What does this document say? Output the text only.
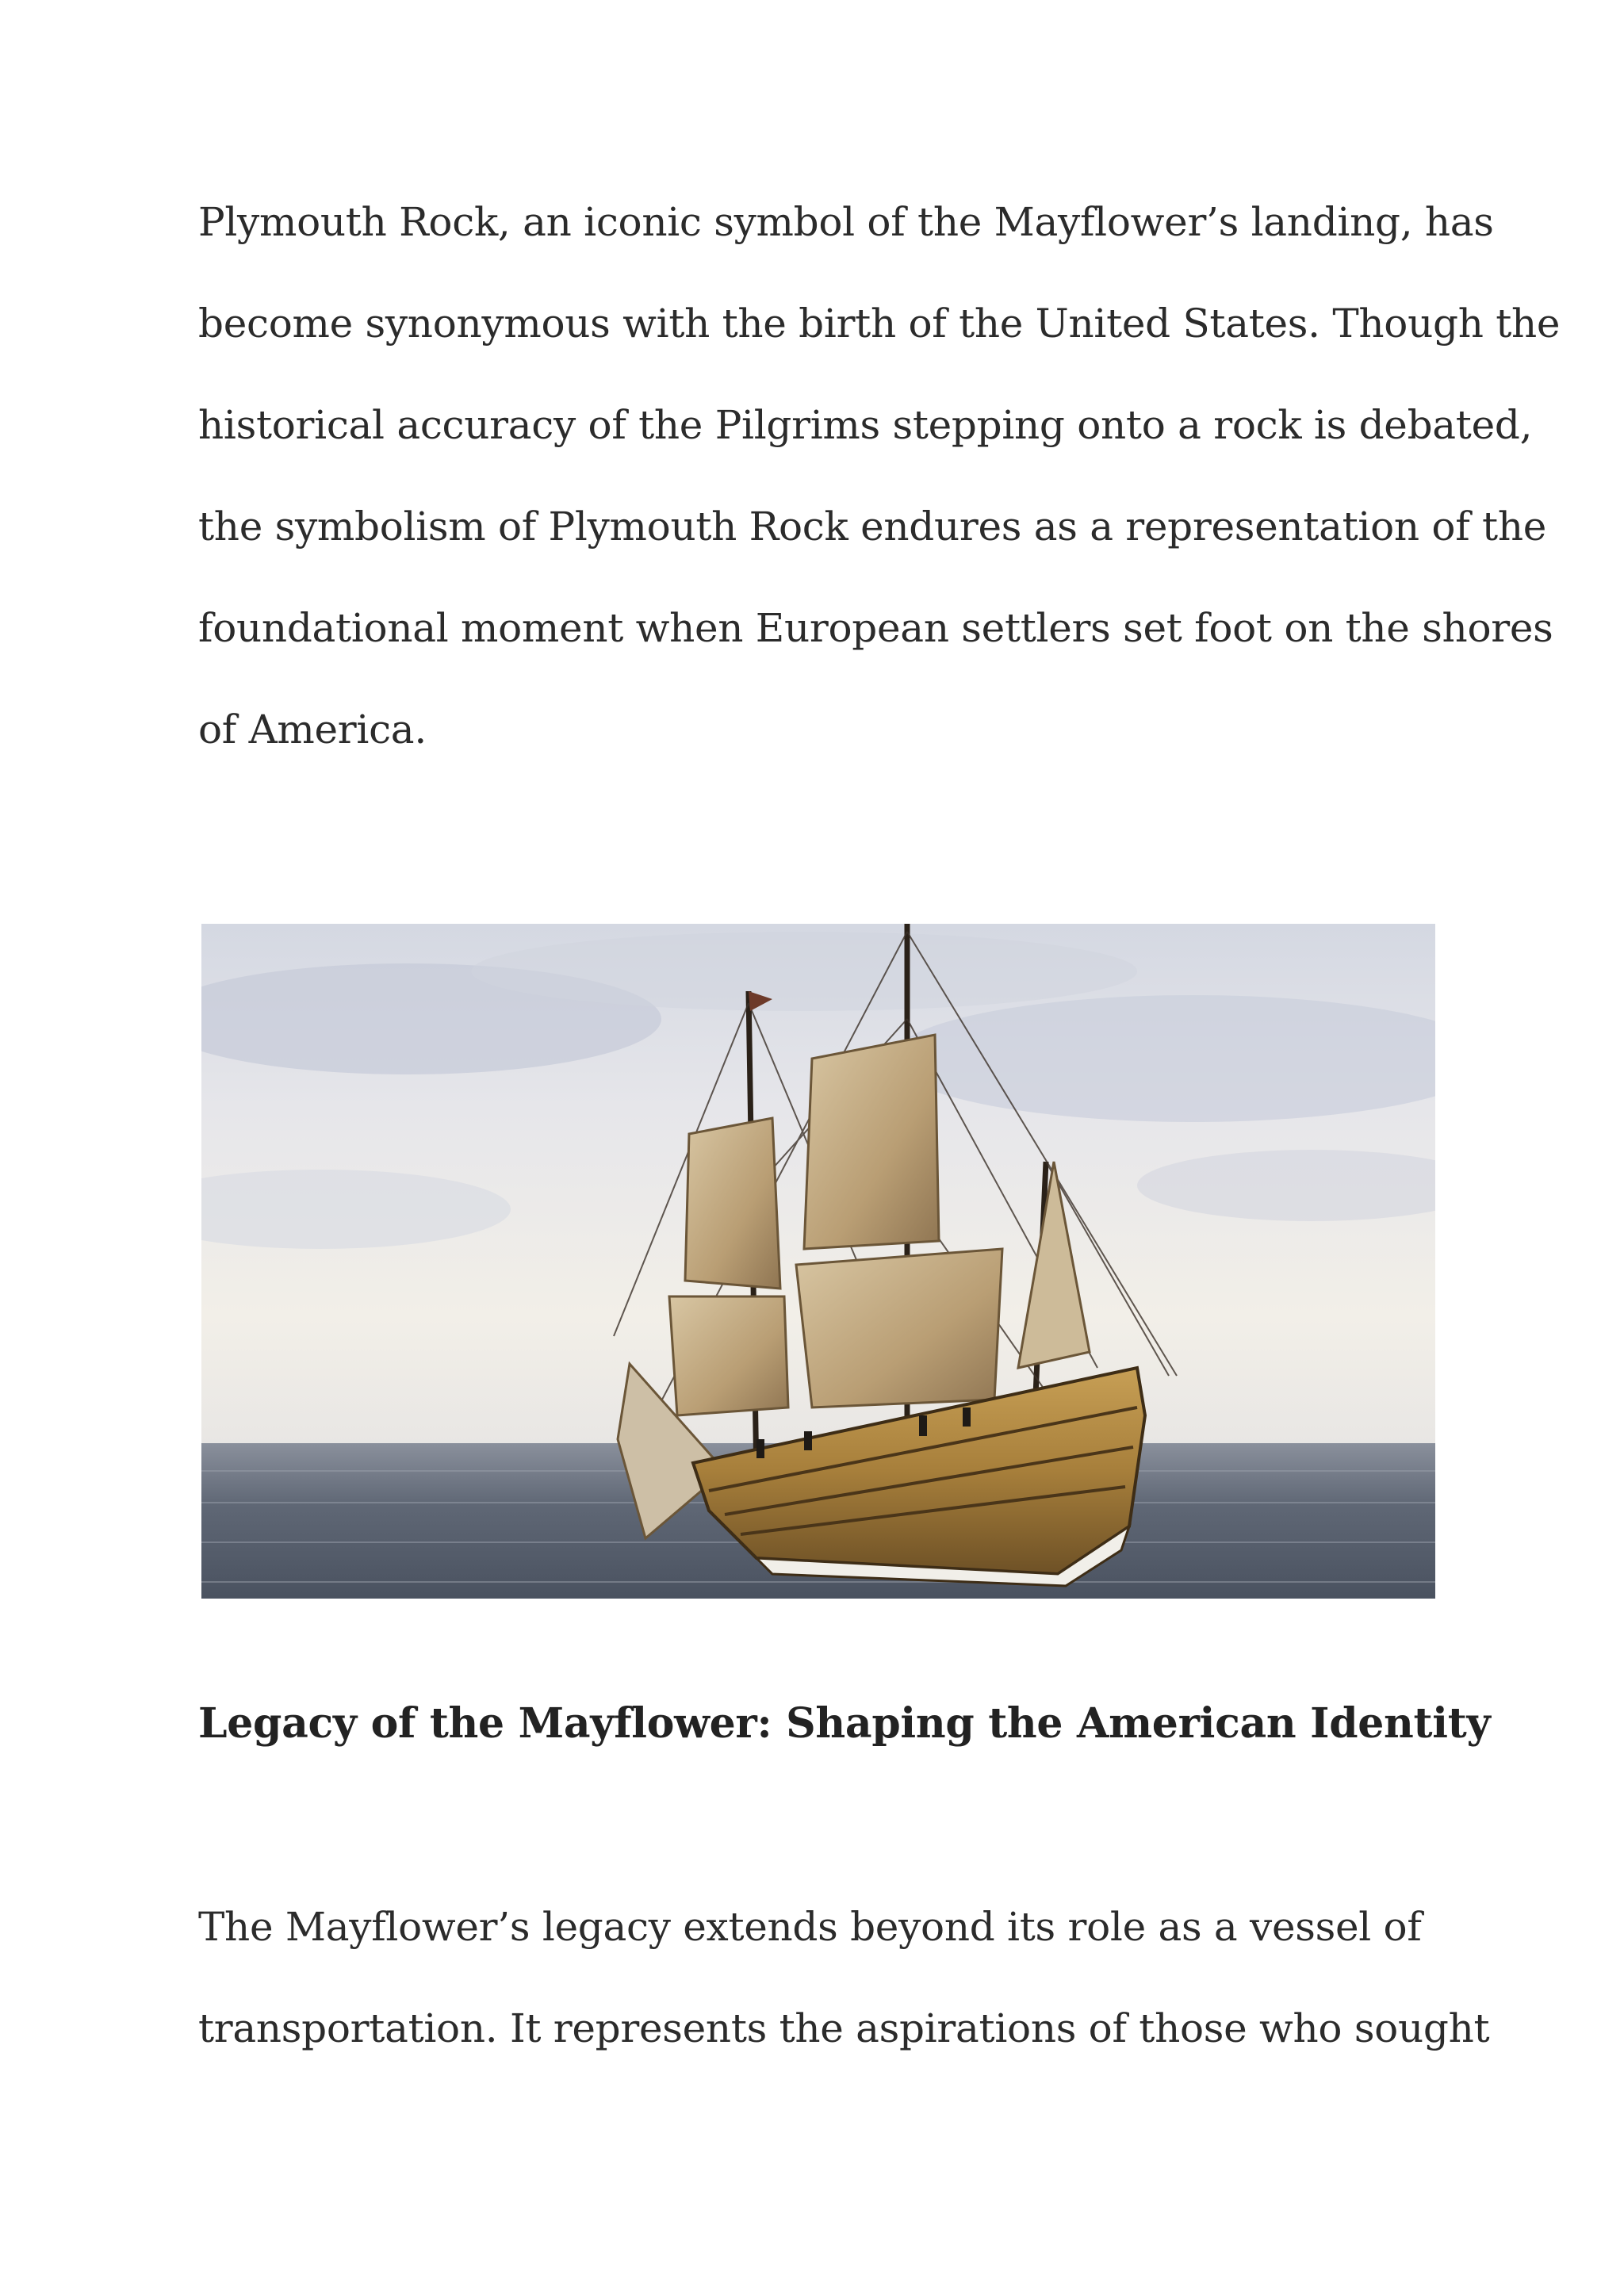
Plymouth Rock, an iconic symbol of the Mayflower’s landing, has
become synonymous with the birth of the United States. Though the
historical accuracy of the Pilgrims stepping onto a rock is debated,
the symbolism of Plymouth Rock endures as a representation of the
foundational moment when European settlers set foot on the shores
of America.

Legacy of the Mayflower: Shaping the American Identity

The Mayflower’s legacy extends beyond its role as a vessel of
transportation. It represents the aspirations of those who sought
